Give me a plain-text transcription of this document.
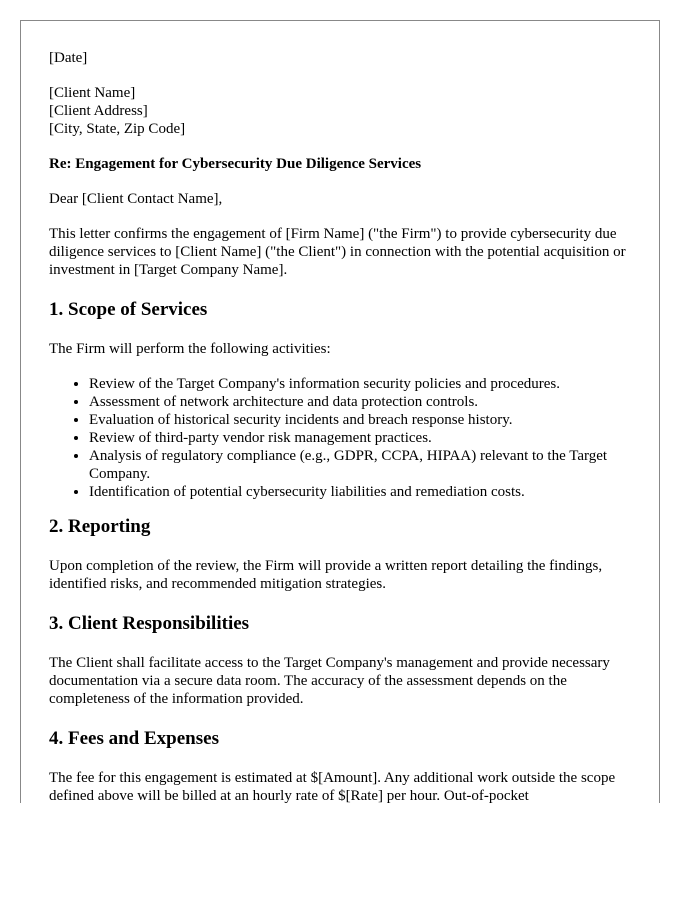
[Date]

[Client Name]

[Client Address]

[City, State, Zip Code]

Re: Engagement for Cybersecurity Due Diligence Services

Dear [Client Contact Name],

This letter confirms the engagement of [Firm Name] ("the Firm") to provide cybersecurity due diligence services to [Client Name] ("the Client") in connection with the potential acquisition or investment in [Target Company Name].

1. Scope of Services

The Firm will perform the following activities:

• Review of the Target Company's information security policies and procedures.
• Assessment of network architecture and data protection controls.
• Evaluation of historical security incidents and breach response history.
• Review of third-party vendor risk management practices.
• Analysis of regulatory compliance (e.g., GDPR, CCPA, HIPAA) relevant to the Target Company.
• Identification of potential cybersecurity liabilities and remediation costs.
2. Reporting

Upon completion of the review, the Firm will provide a written report detailing the findings, identified risks, and recommended mitigation strategies.

3. Client Responsibilities

The Client shall facilitate access to the Target Company's management and provide necessary documentation via a secure data room. The accuracy of the assessment depends on the completeness of the information provided.

4. Fees and Expenses

The fee for this engagement is estimated at $[Amount]. Any additional work outside the scope defined above will be billed at an hourly rate of $[Rate] per hour. Out-of-pocket
